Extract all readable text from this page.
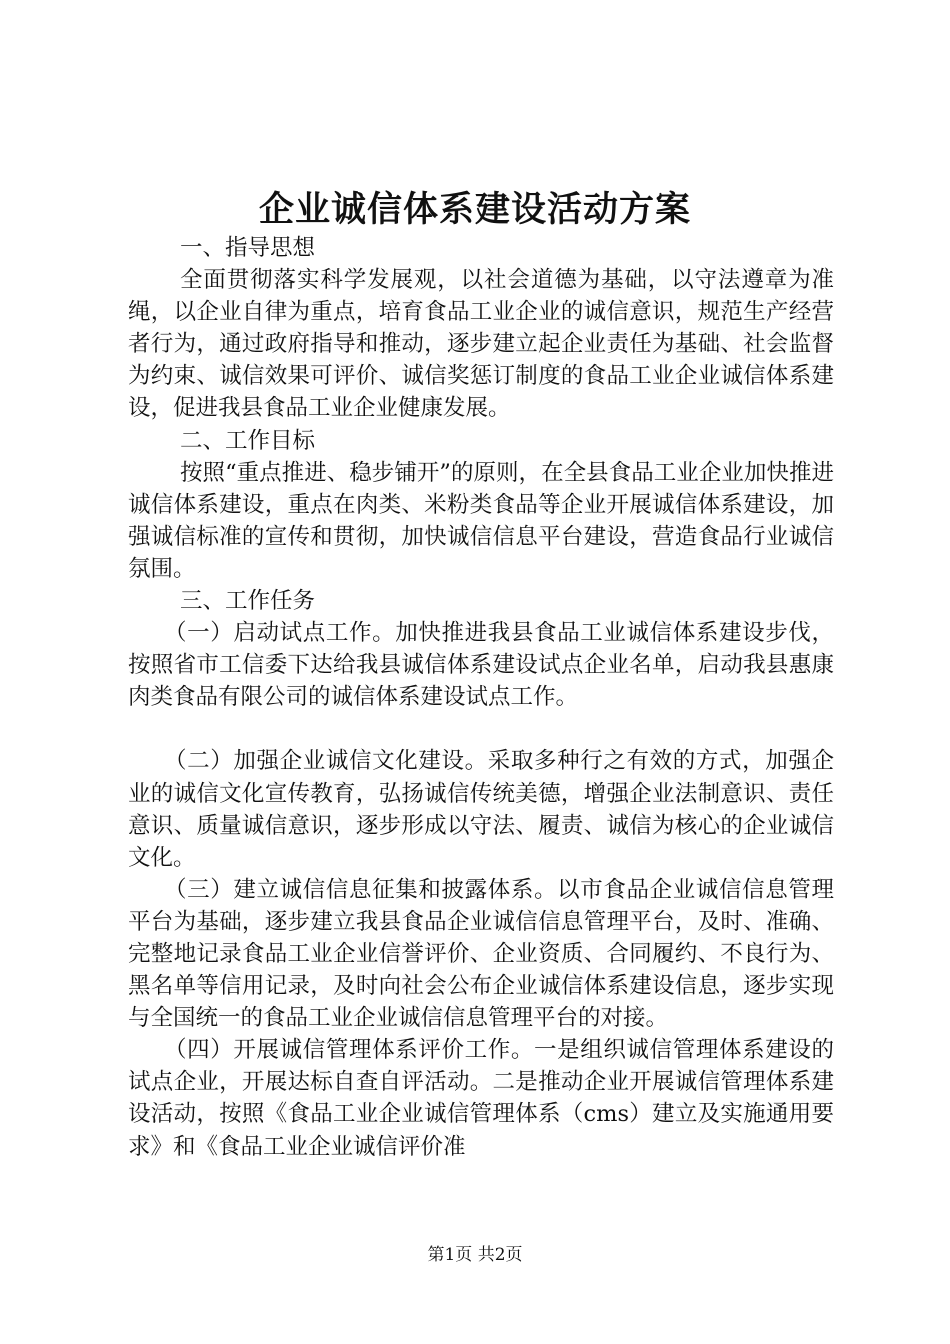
企业诚信体系建设活动方案

一、指导思想

全面贯彻落实科学发展观，以社会道德为基础，以守法遵章为准绳，以企业自律为重点，培育食品工业企业的诚信意识，规范生产经营者行为，通过政府指导和推动，逐步建立起企业责任为基础、社会监督为约束、诚信效果可评价、诚信奖惩订制度的食品工业企业诚信体系建设，促进我县食品工业企业健康发展。

二、工作目标

按照“重点推进、稳步铺开”的原则，在全县食品工业企业加快推进诚信体系建设，重点在肉类、米粉类食品等企业开展诚信体系建设，加强诚信标准的宣传和贯彻，加快诚信信息平台建设，营造食品行业诚信氛围。

三、工作任务

（一）启动试点工作。加快推进我县食品工业诚信体系建设步伐，按照省市工信委下达给我县诚信体系建设试点企业名单，启动我县惠康肉类食品有限公司的诚信体系建设试点工作。

（二）加强企业诚信文化建设。采取多种行之有效的方式，加强企业的诚信文化宣传教育，弘扬诚信传统美德，增强企业法制意识、责任意识、质量诚信意识，逐步形成以守法、履责、诚信为核心的企业诚信文化。

（三）建立诚信信息征集和披露体系。以市食品企业诚信信息管理平台为基础，逐步建立我县食品企业诚信信息管理平台，及时、准确、完整地记录食品工业企业信誉评价、企业资质、合同履约、不良行为、黑名单等信用记录，及时向社会公布企业诚信体系建设信息，逐步实现与全国统一的食品工业企业诚信信息管理平台的对接。

（四）开展诚信管理体系评价工作。一是组织诚信管理体系建设的试点企业，开展达标自查自评活动。二是推动企业开展诚信管理体系建设活动，按照《食品工业企业诚信管理体系（cms）建立及实施通用要求》和《食品工业企业诚信评价准

第1页 共2页
